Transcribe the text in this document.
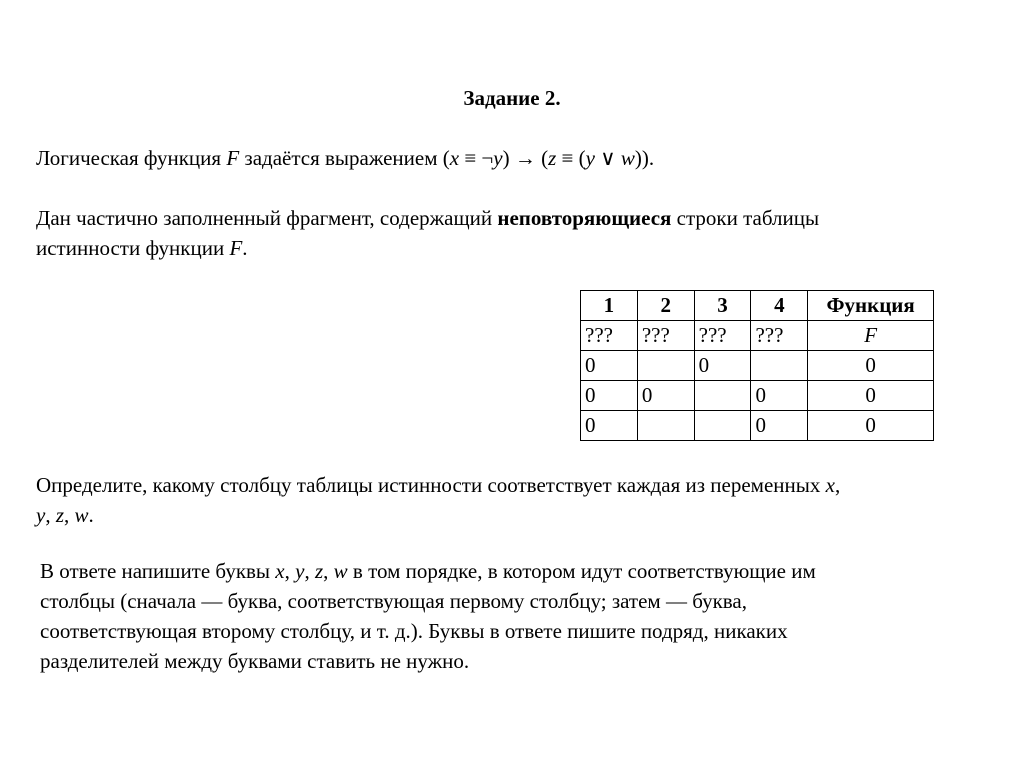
Задание 2.

Логическая функция F задаётся выражением (x ≡ ¬y) → (z ≡ (y ∨ w)).

Дан частично заполненный фрагмент, содержащий неповторяющиеся строки таблицы
истинности функции F.

1	2	3	4	Функция
???	???	???	???	F
0		0		0
0	0		0	0
0			0	0

Определите, какому столбцу таблицы истинности соответствует каждая из переменных x,
y, z, w.

В ответе напишите буквы x, y, z, w в том порядке, в котором идут соответствующие им
столбцы (сначала — буква, соответствующая первому столбцу; затем — буква,
соответствующая второму столбцу, и т. д.). Буквы в ответе пишите подряд, никаких
разделителей между буквами ставить не нужно.
